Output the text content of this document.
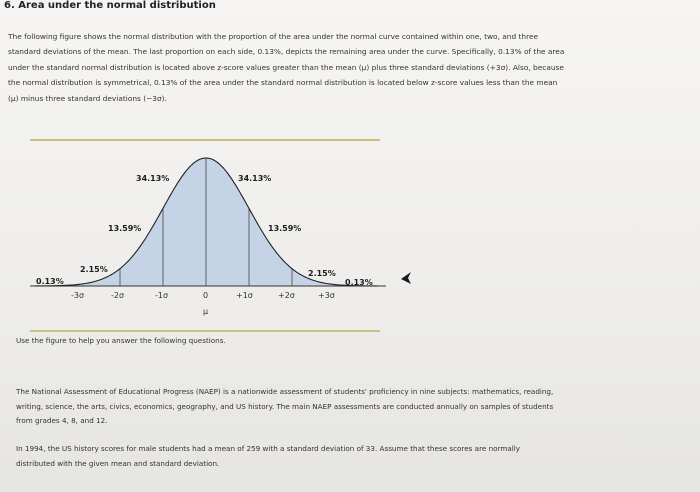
6. Area under the normal distribution
The following figure shows the normal distribution with the proportion of the area under the normal curve contained within one, two, and three
standard deviations of the mean. The last proportion on each side, 0.13%, depicts the remaining area under the curve. Specifically, 0.13% of the area
under the standard normal distribution is located above z-score values greater than the mean (μ) plus three standard deviations (+3σ). Also, because
the normal distribution is symmetrical, 0.13% of the area under the standard normal distribution is located below z-score values less than the mean
(μ) minus three standard deviations (−3σ).
0.13%
2.15%
13.59%
34.13%	34.13%
13.59%
2.15%
0.13%
-3σ	-2σ	-1σ	0	+1σ	+2σ	+3σ
μ
Use the figure to help you answer the following questions.
The National Assessment of Educational Progress (NAEP) is a nationwide assessment of students' proficiency in nine subjects: mathematics, reading,
writing, science, the arts, civics, economics, geography, and US history. The main NAEP assessments are conducted annually on samples of students
from grades 4, 8, and 12.
In 1994, the US history scores for male students had a mean of 259 with a standard deviation of 33. Assume that these scores are normally
distributed with the given mean and standard deviation.
